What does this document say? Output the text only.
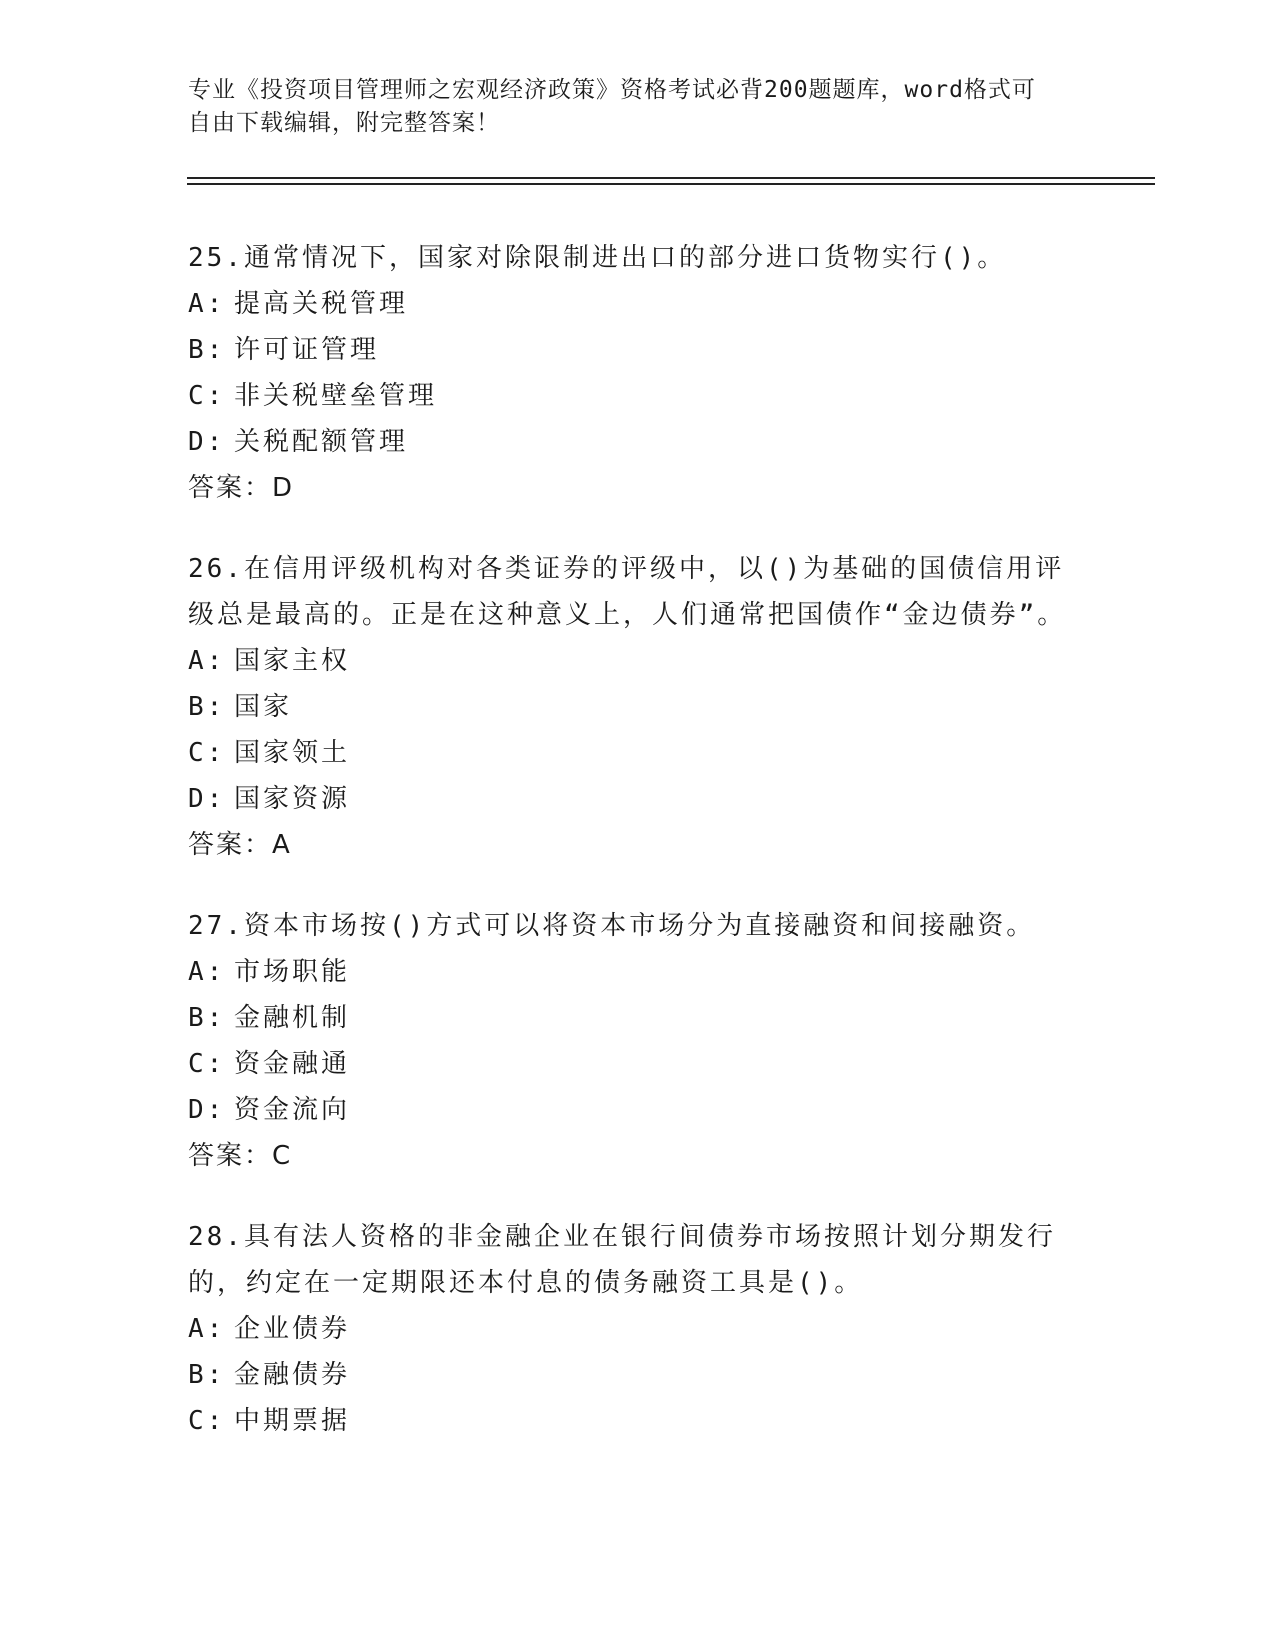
专业《投资项目管理师之宏观经济政策》资格考试必背200题题库，word格式可
自由下载编辑，附完整答案！
25.通常情况下，国家对除限制进出口的部分进口货物实行()。
A: 提高关税管理
B: 许可证管理
C: 非关税壁垒管理
D: 关税配额管理
答案：D
26.在信用评级机构对各类证券的评级中，以()为基础的国债信用评级总是最高的。正是在这种意义上，人们通常把国债作“金边债券”。
A: 国家主权
B: 国家
C: 国家领土
D: 国家资源
答案：A
27.资本市场按()方式可以将资本市场分为直接融资和间接融资。
A: 市场职能
B: 金融机制
C: 资金融通
D: 资金流向
答案：C
28.具有法人资格的非金融企业在银行间债券市场按照计划分期发行的，约定在一定期限还本付息的债务融资工具是()。
A: 企业债券
B: 金融债券
C: 中期票据
